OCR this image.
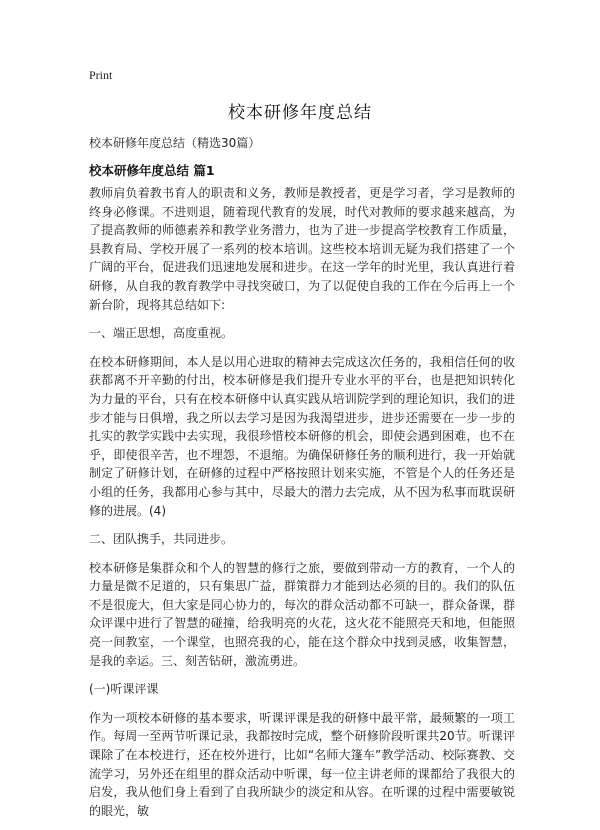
Print
校本研修年度总结
校本研修年度总结（精选30篇）
校本研修年度总结 篇1

教师肩负着教书育人的职责和义务，教师是教授者，更是学习者，学习是教师的终身必修课。不进则退，随着现代教育的发展，时代对教师的要求越来越高，为了提高教师的师德素养和教学业务潜力，也为了进一步提高学校教育工作质量，县教育局、学校开展了一系列的校本培训。这些校本培训无疑为我们搭建了一个广阔的平台，促进我们迅速地发展和进步。在这一学年的时光里，我认真进行着研修，从自我的教育教学中寻找突破口，为了以促使自我的工作在今后再上一个新台阶，现将其总结如下:

一、端正思想，高度重视。

在校本研修期间，本人是以用心进取的精神去完成这次任务的，我相信任何的收获都离不开辛勤的付出，校本研修是我们提升专业水平的平台，也是把知识转化为力量的平台，只有在校本研修中认真实践从培训院学到的理论知识，我们的进步才能与日俱增，我之所以去学习是因为我渴望进步，进步还需要在一步一步的扎实的教学实践中去实现，我很珍惜校本研修的机会，即使会遇到困难，也不在乎，即使很辛苦，也不埋怨，不退缩。为确保研修任务的顺利进行，我一开始就制定了研修计划，在研修的过程中严格按照计划来实施，不管是个人的任务还是小组的任务，我都用心参与其中，尽最大的潜力去完成，从不因为私事而耽误研修的进展。(4)

二、团队携手，共同进步。

校本研修是集群众和个人的智慧的修行之旅，要做到带动一方的教育，一个人的力量是微不足道的，只有集思广益，群策群力才能到达必须的目的。我们的队伍不是很庞大，但大家是同心协力的，每次的群众活动都不可缺一，群众备课，群众评课中进行了智慧的碰撞，给我明亮的火花，这火花不能照亮天和地，但能照亮一间教室，一个课堂，也照亮我的心，能在这个群众中找到灵感，收集智慧，是我的幸运。三、刻苦钻研，激流勇进。

(一)听课评课

作为一项校本研修的基本要求，听课评课是我的研修中最平常，最频繁的一项工作。每周一至两节听课记录，我都按时完成，整个研修阶段听课共20节。听课评课除了在本校进行，还在校外进行，比如“名师大篷车”教学活动、校际赛教、交流学习，另外还在组里的群众活动中听课，每一位主讲老师的课都给了我很大的启发，我从他们身上看到了自我所缺少的淡定和从容。在听课的过程中需要敏锐的眼光，敏
